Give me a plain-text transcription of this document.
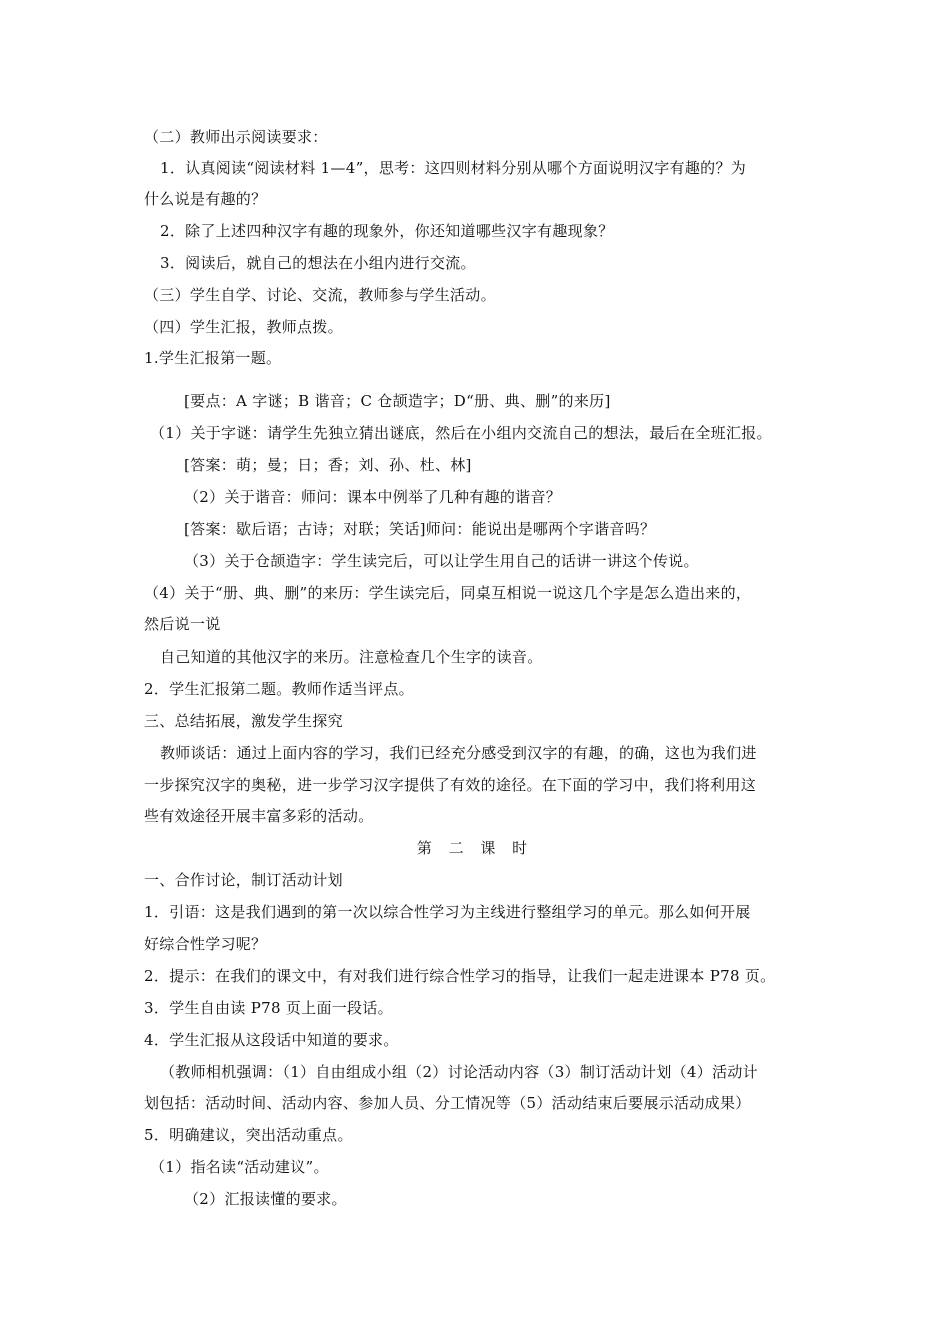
（二）教师出示阅读要求：
1．认真阅读“阅读材料 1—4”，思考：这四则材料分别从哪个方面说明汉字有趣的？为
什么说是有趣的？
2．除了上述四种汉字有趣的现象外，你还知道哪些汉字有趣现象？
3．阅读后，就自己的想法在小组内进行交流。
（三）学生自学、讨论、交流，教师参与学生活动。
（四）学生汇报，教师点拨。
1.学生汇报第一题。
[要点：A 字谜；B 谐音；C 仓颉造字；D“册、典、删”的来历]
（1）关于字谜：请学生先独立猜出谜底，然后在小组内交流自己的想法，最后在全班汇报。
[答案：萌；曼；日；香；刘、孙、杜、林]
（2）关于谐音：师问：课本中例举了几种有趣的谐音？
[答案：歇后语；古诗；对联；笑话]师问：能说出是哪两个字谐音吗？
（3）关于仓颉造字：学生读完后，可以让学生用自己的话讲一讲这个传说。
（4）关于“册、典、删”的来历：学生读完后，同桌互相说一说这几个字是怎么造出来的，
然后说一说
自己知道的其他汉字的来历。注意检查几个生字的读音。
2．学生汇报第二题。教师作适当评点。
三、总结拓展，激发学生探究
教师谈话：通过上面内容的学习，我们已经充分感受到汉字的有趣，的确，这也为我们进
一步探究汉字的奥秘，进一步学习汉字提供了有效的途径。在下面的学习中，我们将利用这
些有效途径开展丰富多彩的活动。
第 二 课 时
一、合作讨论，制订活动计划
1．引语：这是我们遇到的第一次以综合性学习为主线进行整组学习的单元。那么如何开展
好综合性学习呢？
2．提示：在我们的课文中，有对我们进行综合性学习的指导，让我们一起走进课本 P78 页。
3．学生自由读 P78 页上面一段话。
4．学生汇报从这段话中知道的要求。
（教师相机强调：（1）自由组成小组（2）讨论活动内容（3）制订活动计划（4）活动计
划包括：活动时间、活动内容、参加人员、分工情况等（5）活动结束后要展示活动成果）
5．明确建议，突出活动重点。
（1）指名读“活动建议”。
（2）汇报读懂的要求。
